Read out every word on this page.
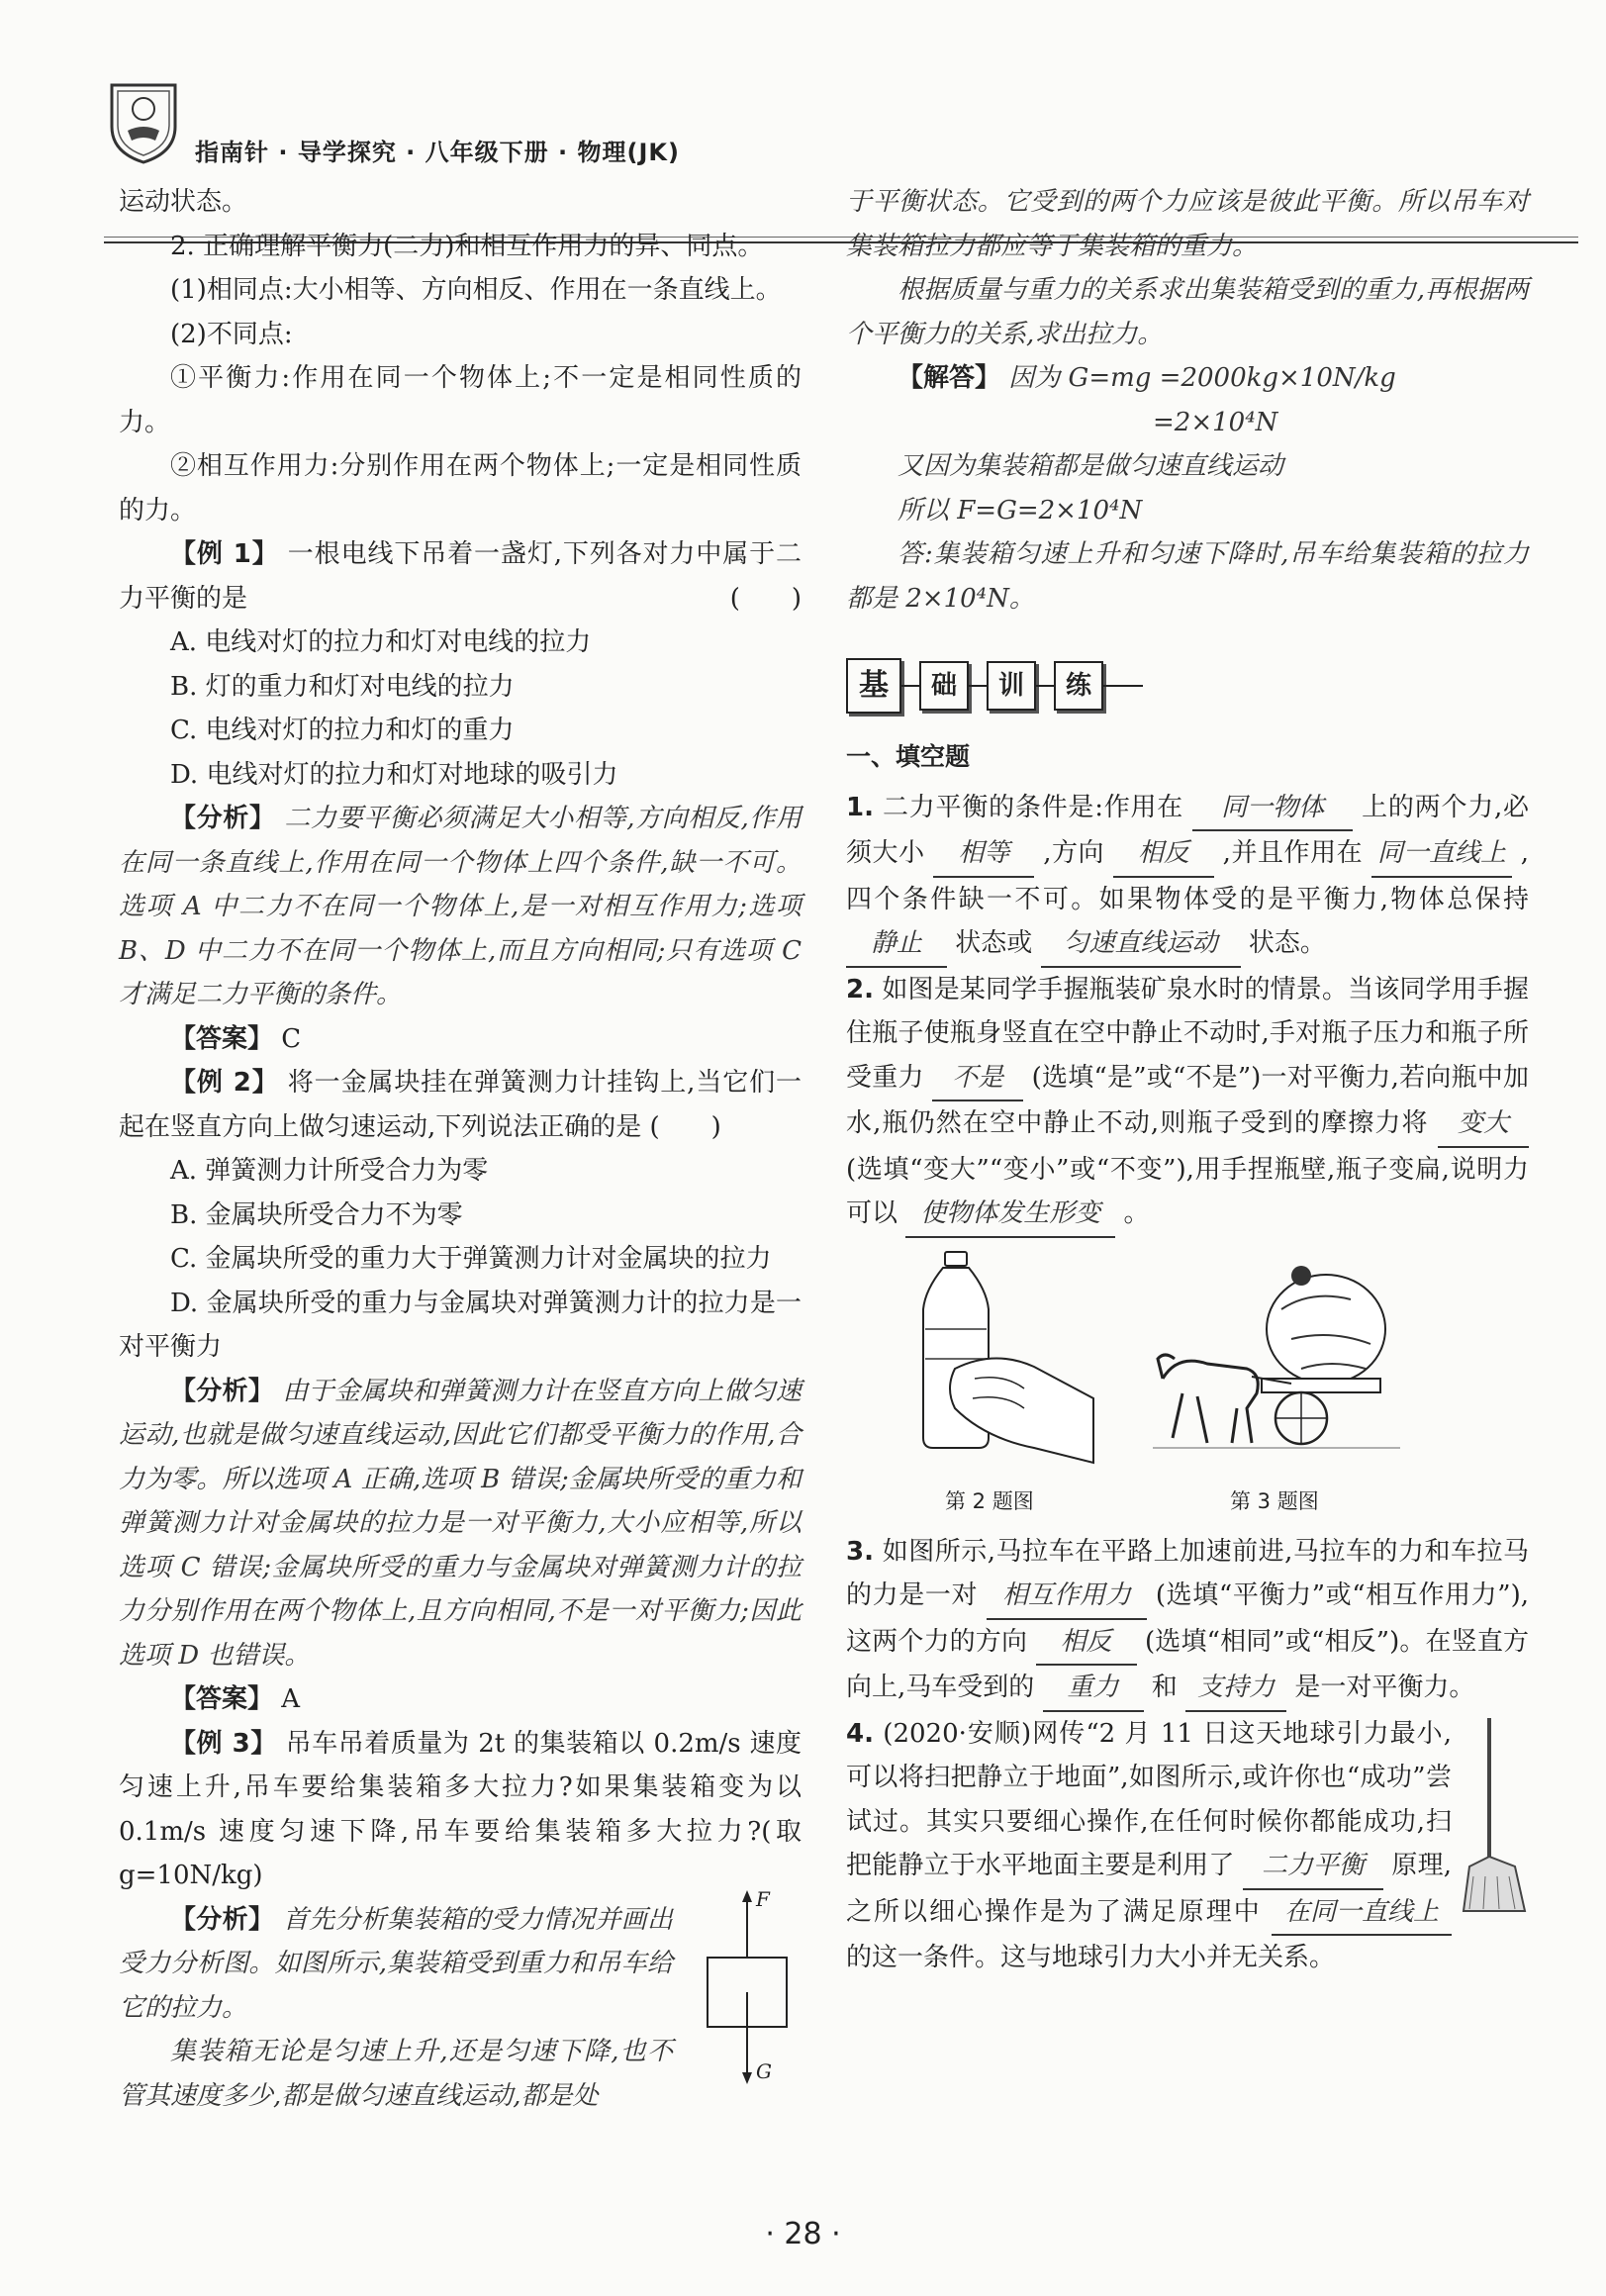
指南针 · 导学探究 · 八年级下册 · 物理(JK)

运动状态。

2. 正确理解平衡力(二力)和相互作用力的异、同点。

(1)相同点:大小相等、方向相反、作用在一条直线上。

(2)不同点:

①平衡力:作用在同一个物体上;不一定是相同性质的力。

②相互作用力:分别作用在两个物体上;一定是相同性质的力。

【例 1】 一根电线下吊着一盏灯,下列各对力中属于二力平衡的是	(　　)

A. 电线对灯的拉力和灯对电线的拉力

B. 灯的重力和灯对电线的拉力

C. 电线对灯的拉力和灯的重力

D. 电线对灯的拉力和灯对地球的吸引力

【分析】 二力要平衡必须满足大小相等,方向相反,作用在同一条直线上,作用在同一个物体上四个条件,缺一不可。选项 A 中二力不在同一个物体上,是一对相互作用力;选项 B、D 中二力不在同一个物体上,而且方向相同;只有选项 C 才满足二力平衡的条件。

【答案】 C

【例 2】 将一金属块挂在弹簧测力计挂钩上,当它们一起在竖直方向上做匀速运动,下列说法正确的是 (　　)

A. 弹簧测力计所受合力为零

B. 金属块所受合力不为零

C. 金属块所受的重力大于弹簧测力计对金属块的拉力

D. 金属块所受的重力与金属块对弹簧测力计的拉力是一对平衡力

【分析】 由于金属块和弹簧测力计在竖直方向上做匀速运动,也就是做匀速直线运动,因此它们都受平衡力的作用,合力为零。所以选项 A 正确,选项 B 错误;金属块所受的重力和弹簧测力计对金属块的拉力是一对平衡力,大小应相等,所以选项 C 错误;金属块所受的重力与金属块对弹簧测力计的拉力分别作用在两个物体上,且方向相同,不是一对平衡力;因此选项 D 也错误。

【答案】 A

【例 3】 吊车吊着质量为 2t 的集装箱以 0.2m/s 速度匀速上升,吊车要给集装箱多大拉力?如果集装箱变为以 0.1m/s 速度匀速下降,吊车要给集装箱多大拉力?(取 g=10N/kg)

F
G

【分析】 首先分析集装箱的受力情况并画出受力分析图。如图所示,集装箱受到重力和吊车给它的拉力。

集装箱无论是匀速上升,还是匀速下降,也不管其速度多少,都是做匀速直线运动,都是处

于平衡状态。它受到的两个力应该是彼此平衡。所以吊车对集装箱拉力都应等于集装箱的重力。

根据质量与重力的关系求出集装箱受到的重力,再根据两个平衡力的关系,求出拉力。

【解答】 因为 G=mg =2000kg×10N/kg

=2×10⁴N

又因为集装箱都是做匀速直线运动

所以 F=G=2×10⁴N

答:集装箱匀速上升和匀速下降时,吊车给集装箱的拉力都是 2×10⁴N。

基	础	训	练
一、填空题

1. 二力平衡的条件是:作用在 同一物体 上的两个力,必须大小 相等 ,方向 相反 ,并且作用在 同一直线上 ,四个条件缺一不可。如果物体受的是平衡力,物体总保持 静止 状态或 匀速直线运动 状态。

2. 如图是某同学手握瓶装矿泉水时的情景。当该同学用手握住瓶子使瓶身竖直在空中静止不动时,手对瓶子压力和瓶子所受重力 不是 (选填“是”或“不是”)一对平衡力,若向瓶中加水,瓶仍然在空中静止不动,则瓶子受到的摩擦力将 变大 (选填“变大”“变小”或“不变”),用手捏瓶壁,瓶子变扁,说明力可以 使物体发生形变 。

第 2 题图	第 3 题图

3. 如图所示,马拉车在平路上加速前进,马拉车的力和车拉马的力是一对 相互作用力 (选填“平衡力”或“相互作用力”),这两个力的方向 相反 (选填“相同”或“相反”)。在竖直方向上,马车受到的 重力 和 支持力 是一对平衡力。

4. (2020·安顺)网传“2 月 11 日这天地球引力最小,可以将扫把静立于地面”,如图所示,或许你也“成功”尝试过。其实只要细心操作,在任何时候你都能成功,扫把能静立于水平地面主要是利用了 二力平衡 原理,之所以细心操作是为了满足原理中 在同一直线上 的这一条件。这与地球引力大小并无关系。

· 28 ·
